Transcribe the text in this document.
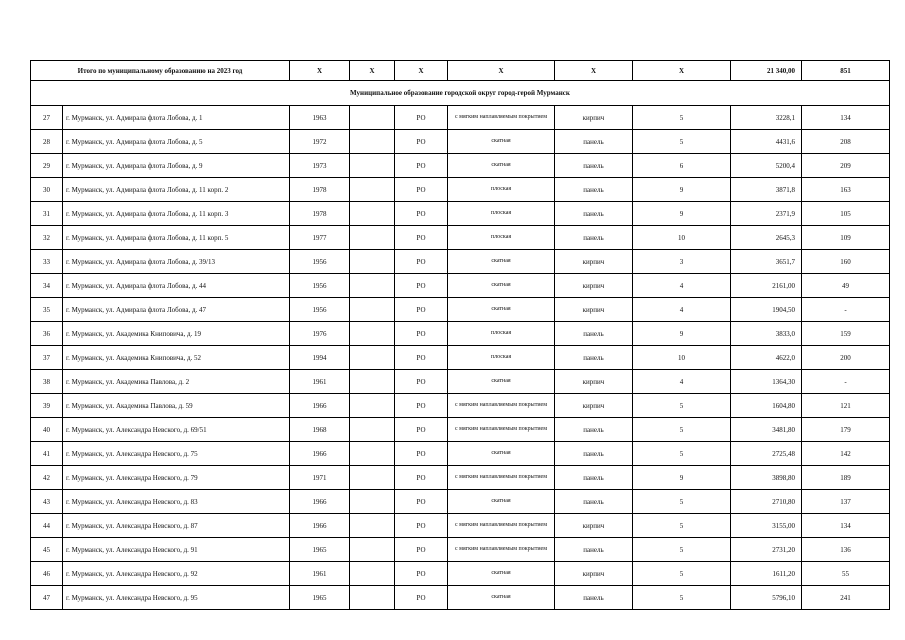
Итого по муниципальному образованию на 2023 год		Х	Х	Х	Х	Х	Х	21 340,00	851
Муниципальное образование городской округ город-герой Мурманск									
27	г. Мурманск, ул. Адмирала флота Лобова, д. 1	1963		РО	с мягким наплавляемым покрытием	кирпич	5	3228,1	134
28	г. Мурманск, ул. Адмирала флота Лобова, д. 5	1972		РО	скатная	панель	5	4431,6	208
29	г. Мурманск, ул. Адмирала флота Лобова, д. 9	1973		РО	скатная	панель	6	5200,4	209
30	г. Мурманск, ул. Адмирала флота Лобова, д. 11 корп. 2	1978		РО	плоская	панель	9	3871,8	163
31	г. Мурманск, ул. Адмирала флота Лобова, д. 11 корп. 3	1978		РО	плоская	панель	9	2371,9	105
32	г. Мурманск, ул. Адмирала флота Лобова, д. 11 корп. 5	1977		РО	плоская	панель	10	2645,3	109
33	г. Мурманск, ул. Адмирала флота Лобова, д. 39/13	1956		РО	скатная	кирпич	3	3651,7	160
34	г. Мурманск, ул. Адмирала флота Лобова, д. 44	1956		РО	скатная	кирпич	4	2161,00	49
35	г. Мурманск, ул. Адмирала флота Лобова, д. 47	1956		РО	скатная	кирпич	4	1904,50	-
36	г. Мурманск, ул. Академика Книповича, д. 19	1976		РО	плоская	панель	9	3833,0	159
37	г. Мурманск, ул. Академика Книповича, д. 52	1994		РО	плоская	панель	10	4622,0	200
38	г. Мурманск, ул. Академика Павлова, д. 2	1961		РО	скатная	кирпич	4	1364,30	-
39	г. Мурманск, ул. Академика Павлова, д. 59	1966		РО	с мягким наплавляемым покрытием	кирпич	5	1604,80	121
40	г. Мурманск, ул. Александра Невского, д. 69/51	1968		РО	с мягким наплавляемым покрытием	панель	5	3481,80	179
41	г. Мурманск, ул. Александра Невского, д. 75	1966		РО	скатная	панель	5	2725,48	142
42	г. Мурманск, ул. Александра Невского, д. 79	1971		РО	с мягким наплавляемым покрытием	панель	9	3898,80	189
43	г. Мурманск, ул. Александра Невского, д. 83	1966		РО	скатная	панель	5	2710,80	137
44	г. Мурманск, ул. Александра Невского, д. 87	1966		РО	с мягким наплавляемым покрытием	кирпич	5	3155,00	134
45	г. Мурманск, ул. Александра Невского, д. 91	1965		РО	с мягким наплавляемым покрытием	панель	5	2731,20	136
46	г. Мурманск, ул. Александра Невского, д. 92	1961		РО	скатная	кирпич	5	1611,20	55
47	г. Мурманск, ул. Александра Невского, д. 95	1965		РО	скатная	панель	5	5796,10	241
